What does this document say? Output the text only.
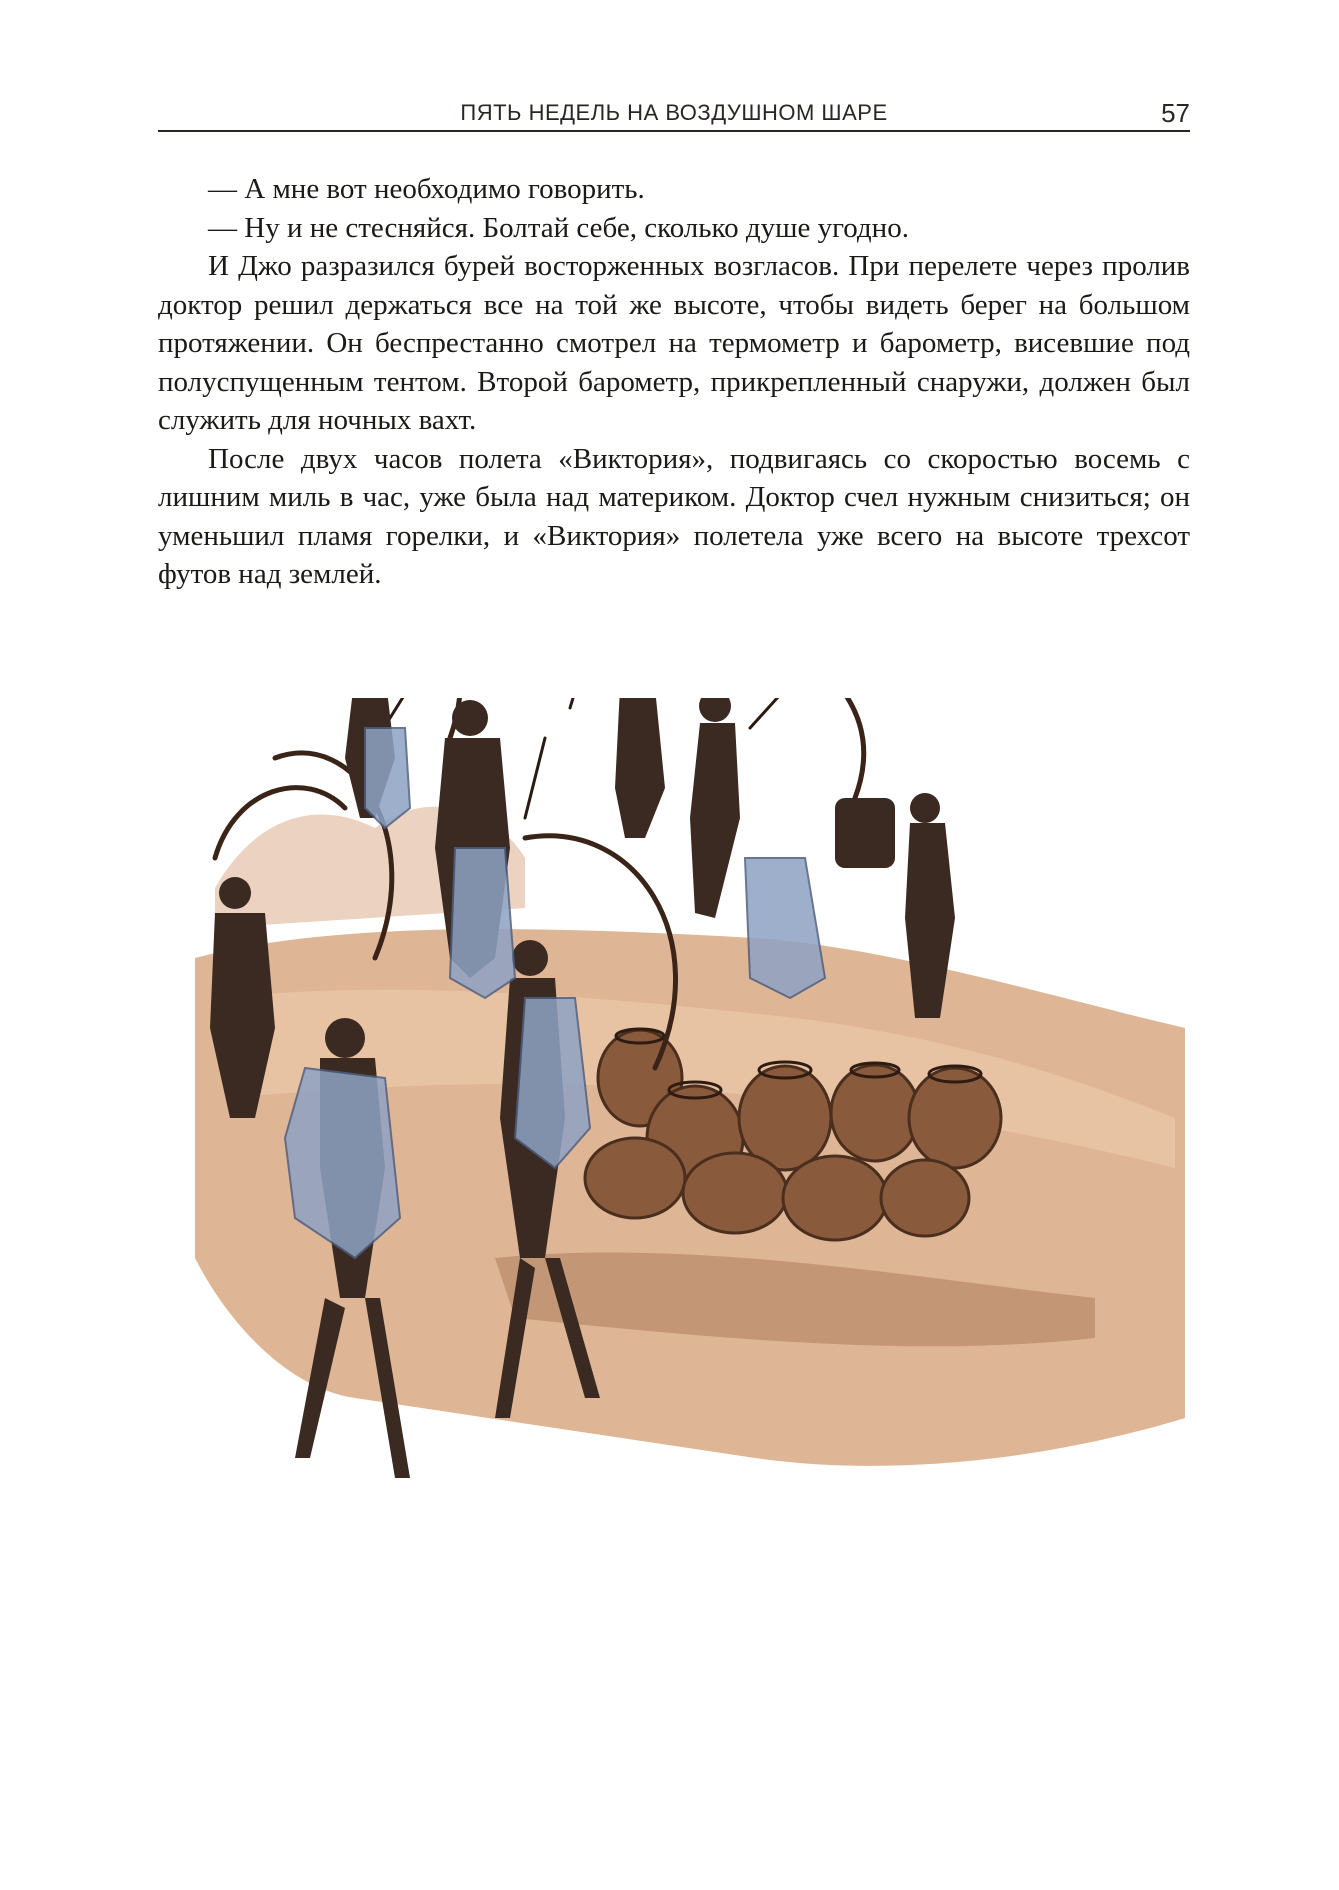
ПЯТЬ НЕДЕЛЬ НА ВОЗДУШНОМ ШАРЕ	57

— А мне вот необходимо говорить.

— Ну и не стесняйся. Болтай себе, сколько душе угодно.

И Джо разразился бурей восторженных возгласов. При перелете через пролив доктор решил держаться все на той же высоте, чтобы видеть берег на большом протяжении. Он беспрестанно смотрел на термометр и барометр, висевшие под полуспущенным тентом. Второй барометр, прикрепленный снаружи, должен был служить для ночных вахт.

После двух часов полета «Виктория», подвигаясь со скоростью восемь с лишним миль в час, уже была над материком. Доктор счел нужным снизиться; он уменьшил пламя горелки, и «Виктория» полетела уже всего на высоте трехсот футов над землей.
